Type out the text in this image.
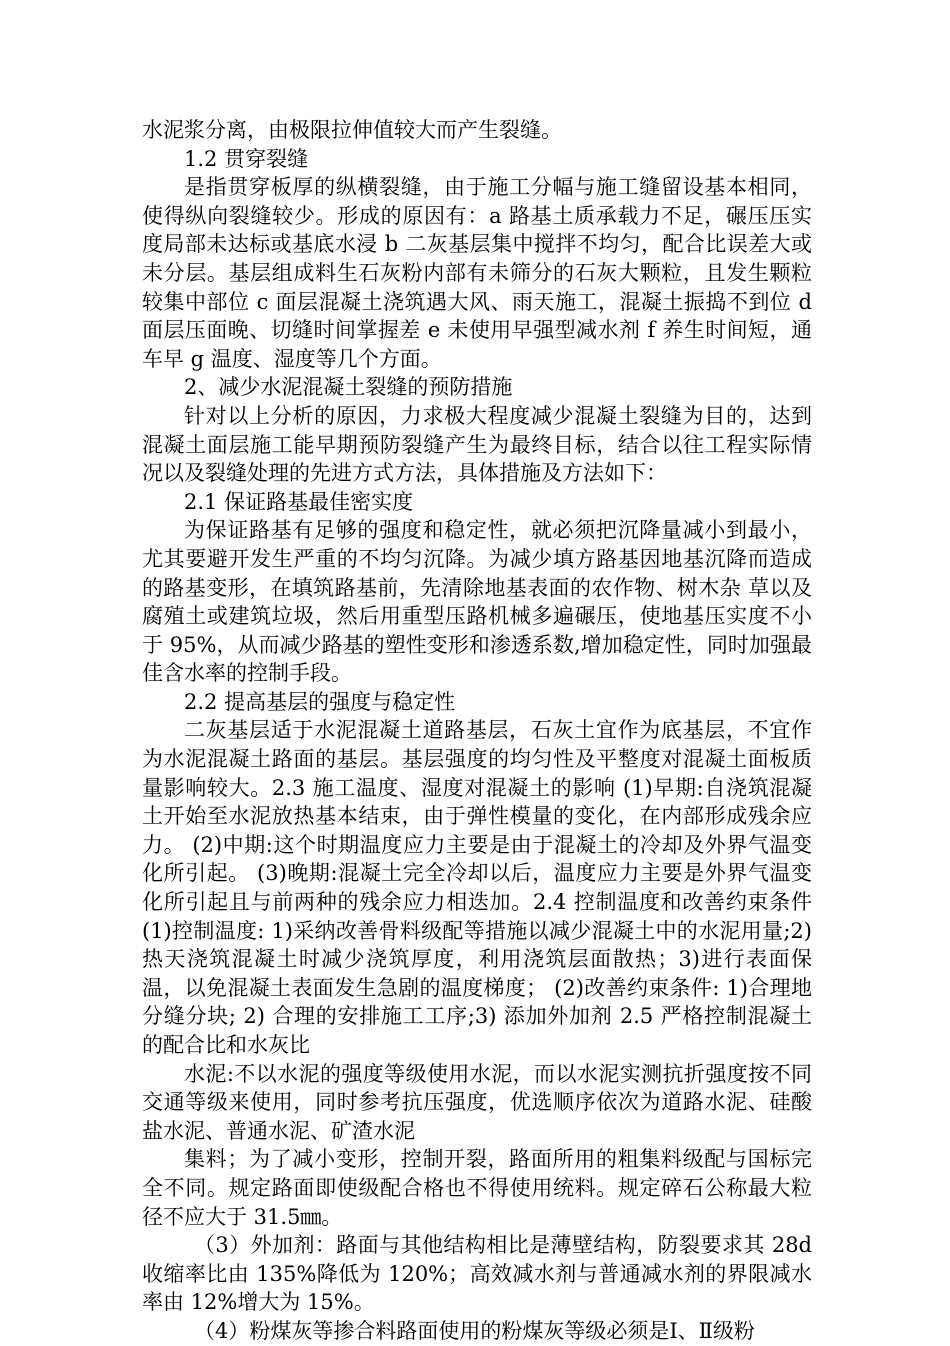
水泥浆分离，由极限拉伸值较大而产生裂缝。

1.2 贯穿裂缝

是指贯穿板厚的纵横裂缝，由于施工分幅与施工缝留设基本相同，使得纵向裂缝较少。形成的原因有：a 路基土质承载力不足，碾压压实度局部未达标或基底水浸 b 二灰基层集中搅拌不均匀，配合比误差大或未分层。基层组成料生石灰粉内部有未筛分的石灰大颗粒，且发生颗粒较集中部位 c 面层混凝土浇筑遇大风、雨天施工，混凝土振捣不到位 d 面层压面晚、切缝时间掌握差 e 未使用早强型减水剂 f 养生时间短，通车早 g 温度、湿度等几个方面。

2、减少水泥混凝土裂缝的预防措施

针对以上分析的原因，力求极大程度减少混凝土裂缝为目的，达到混凝土面层施工能早期预防裂缝产生为最终目标，结合以往工程实际情况以及裂缝处理的先进方式方法，具体措施及方法如下：

2.1 保证路基最佳密实度

为保证路基有足够的强度和稳定性，就必须把沉降量减小到最小，尤其要避开发生严重的不均匀沉降。为减少填方路基因地基沉降而造成的路基变形，在填筑路基前，先清除地基表面的农作物、树木杂 草以及腐殖土或建筑垃圾，然后用重型压路机械多遍碾压，使地基压实度不小于 95%，从而减少路基的塑性变形和渗透系数,增加稳定性，同时加强最佳含水率的控制手段。

2.2 提高基层的强度与稳定性

二灰基层适于水泥混凝土道路基层，石灰土宜作为底基层，不宜作为水泥混凝土路面的基层。基层强度的均匀性及平整度对混凝土面板质量影响较大。2.3 施工温度、湿度对混凝土的影响 (1)早期:自浇筑混凝土开始至水泥放热基本结束，由于弹性模量的变化，在内部形成残余应力。 (2)中期:这个时期温度应力主要是由于混凝土的冷却及外界气温变化所引起。 (3)晚期:混凝土完全冷却以后，温度应力主要是外界气温变化所引起且与前两种的残余应力相迭加。2.4 控制温度和改善约束条件 (1)控制温度: 1)采纳改善骨料级配等措施以减少混凝土中的水泥用量;2) 热天浇筑混凝土时减少浇筑厚度，利用浇筑层面散热；3)进行表面保温，以免混凝土表面发生急剧的温度梯度； (2)改善约束条件: 1)合理地分缝分块; 2) 合理的安排施工工序;3) 添加外加剂 2.5 严格控制混凝土的配合比和水灰比

水泥:不以水泥的强度等级使用水泥，而以水泥实测抗折强度按不同交通等级来使用，同时参考抗压强度，优选顺序依次为道路水泥、硅酸盐水泥、普通水泥、矿渣水泥

集料；为了减小变形，控制开裂，路面所用的粗集料级配与国标完全不同。规定路面即使级配合格也不得使用统料。规定碎石公称最大粒径不应大于 31.5㎜。

（3）外加剂：路面与其他结构相比是薄壁结构，防裂要求其 28d 收缩率比由 135%降低为 120%；高效减水剂与普通减水剂的界限减水率由 12%增大为 15%。

（4）粉煤灰等掺合料路面使用的粉煤灰等级必须是Ⅰ、Ⅱ级粉
